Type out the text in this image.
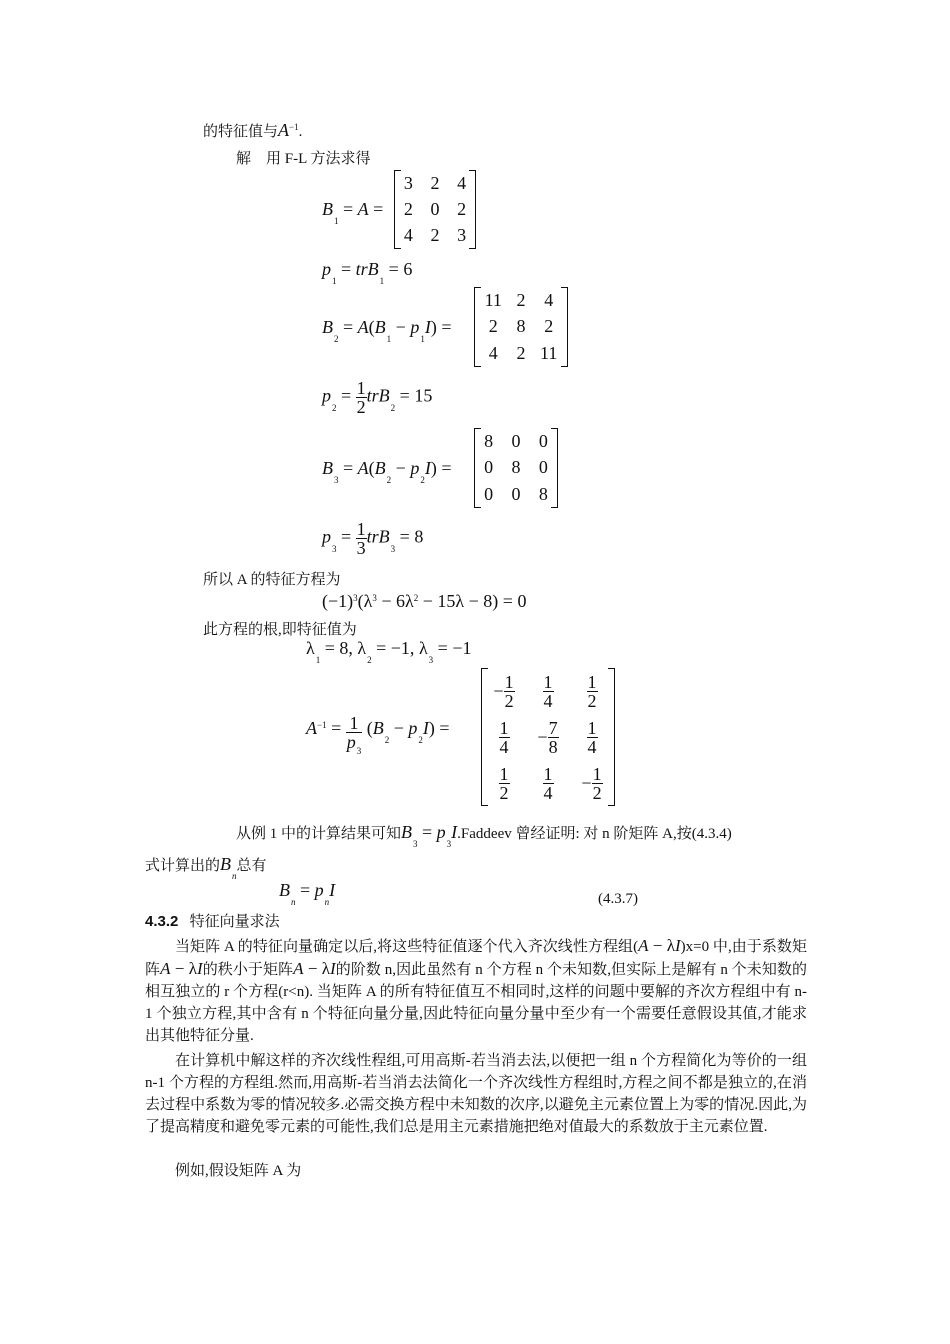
的特征值与$A^{-1}$.
解　用 F-L 方法求得
$B_1 = A$ =
3	2	4
2	0	2
4	2	3
$p_1 = trB_1 = 6$
$B_2 = A(B_1 - p_1I)$ =
11	2	4
2	8	2
4	2	11
$p_2 = \frac{1}{2} trB_2 = 15$
$B_3 = A(B_2 - p_2I)$ =
8	0	0
0	8	0
0	0	8
$p_3 = \frac{1}{3} trB_3 = 8$
所以 A 的特征方程为
$(-1)^3(\lambda^3 - 6\lambda^2 - 15\lambda - 8) = 0$
此方程的根,即特征值为
$\lambda_1 = 8$, $\lambda_2 = -1$, $\lambda_3 = -1$
$A^{-1} = \frac{1}{p_3} (B_2 - p_2I)$ =
− $\frac{1}{2}$	$\frac{1}{4}$	$\frac{1}{2}$

$\frac{1}{4}$	− $\frac{7}{8}$	$\frac{1}{4}$

$\frac{1}{2}$	$\frac{1}{4}$	− $\frac{1}{2}$
从例 1 中的计算结果可知$B_3$ = $p_3I.Faddeev$ 曾经证明: 对 n 阶矩阵 A,按(4.3.4)
式计算出的$B_n$总有
$B_n = p_nI$	(4.3.7)
4.3.2 特征向量求法
当矩阵 A 的特征向量确定以后,将这些特征值逐个代入齐次线性方程组(A − λI)x=0 中,由于系数矩阵A − λI的秩小于矩阵A − λI的阶数 n,因此虽然有 n 个方程 n 个未知数,但实际上是解有 n 个未知数的相互独立的 r 个方程(r<n). 当矩阵 A 的所有特征值互不相同时,这样的问题中要解的齐次方程组中有 n-1 个独立方程,其中含有 n 个特征向量分量,因此特征向量分量中至少有一个需要任意假设其值,才能求出其他特征分量.
在计算机中解这样的齐次线性程组,可用高斯-若当消去法,以便把一组 n 个方程简化为等价的一组 n-1 个方程的方程组.然而,用高斯-若当消去法简化一个齐次线性方程组时,方程之间不都是独立的,在消去过程中系数为零的情况较多.必需交换方程中未知数的次序,以避免主元素位置上为零的情况.因此,为了提高精度和避免零元素的可能性,我们总是用主元素措施把绝对值最大的系数放于主元素位置.
例如,假设矩阵 A 为
